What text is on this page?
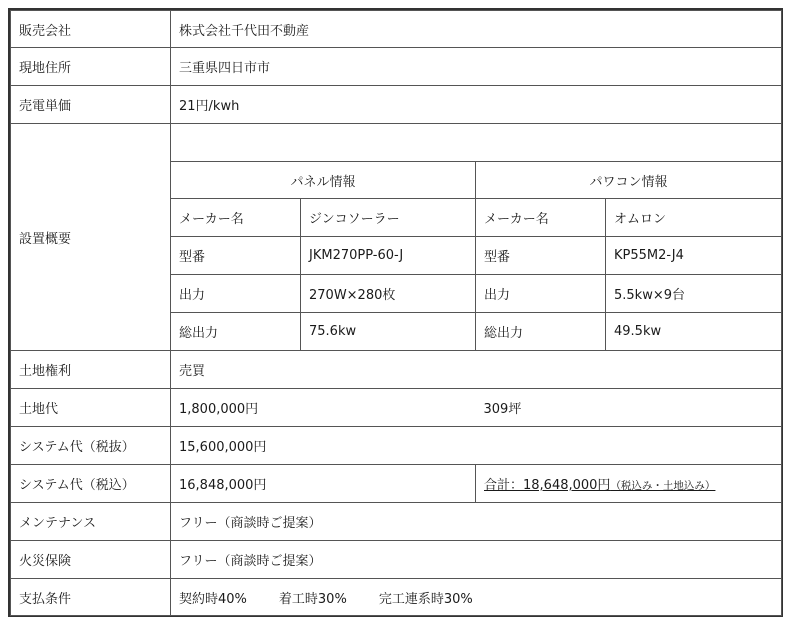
販売会社	株式会社千代田不動産			
現地住所	三重県四日市市			
売電単価	21円/kwh			
設置概要				
	パネル情報		パワコン情報	
	メーカー名	ジンコソーラー	メーカー名	オムロン
	型番	JKM270PP-60-J	型番	KP55M2-J4
	出力	270W×280枚	出力	5.5kw×9台
	総出力	75.6kw	総出力	49.5kw
土地権利	売買			
土地代	1,800,000円		309坪	
システム代（税抜）	15,600,000円			
システム代（税込）	16,848,000円		合計：18,648,000円（税込み・土地込み）	
メンテナンス	フリー（商談時ご提案）			
火災保険	フリー（商談時ご提案）			
支払条件	契約時40% 着工時30% 完工連系時30%			
